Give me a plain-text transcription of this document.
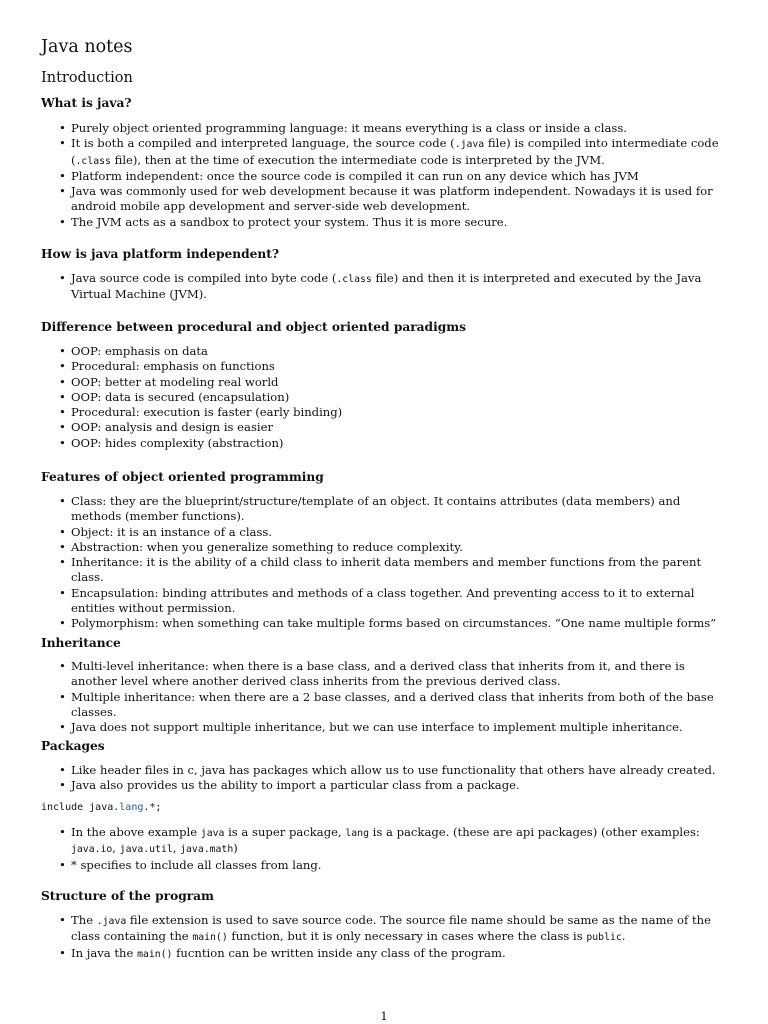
Java notes
Introduction
What is java?
• Purely object oriented programming language: it means everything is a class or inside a class.
• It is both a compiled and interpreted language, the source code (.java file) is compiled into intermediate code (.class file), then at the time of execution the intermediate code is interpreted by the JVM.
• Platform independent: once the source code is compiled it can run on any device which has JVM
• Java was commonly used for web development because it was platform independent. Nowadays it is used for android mobile app development and server-side web development.
• The JVM acts as a sandbox to protect your system. Thus it is more secure.
How is java platform independent?
• Java source code is compiled into byte code (.class file) and then it is interpreted and executed by the Java Virtual Machine (JVM).
Difference between procedural and object oriented paradigms
• OOP: emphasis on data
• Procedural: emphasis on functions
• OOP: better at modeling real world
• OOP: data is secured (encapsulation)
• Procedural: execution is faster (early binding)
• OOP: analysis and design is easier
• OOP: hides complexity (abstraction)
Features of object oriented programming
• Class: they are the blueprint/structure/template of an object. It contains attributes (data members) and methods (member functions).
• Object: it is an instance of a class.
• Abstraction: when you generalize something to reduce complexity.
• Inheritance: it is the ability of a child class to inherit data members and member functions from the parent class.
• Encapsulation: binding attributes and methods of a class together. And preventing access to it to external entities without permission.
• Polymorphism: when something can take multiple forms based on circumstances. “One name multiple forms”
Inheritance
• Multi-level inheritance: when there is a base class, and a derived class that inherits from it, and there is another level where another derived class inherits from the previous derived class.
• Multiple inheritance: when there are a 2 base classes, and a derived class that inherits from both of the base classes.
• Java does not support multiple inheritance, but we can use interface to implement multiple inheritance.
Packages
• Like header files in c, java has packages which allow us to use functionality that others have already created.
• Java also provides us the ability to import a particular class from a package.
include java.lang.*;
• In the above example java is a super package, lang is a package. (these are api packages) (other examples: java.io, java.util, java.math)
• * specifies to include all classes from lang.
Structure of the program
• The .java file extension is used to save source code. The source file name should be same as the name of the class containing the main() function, but it is only necessary in cases where the class is public.
• In java the main() fucntion can be written inside any class of the program.
1
